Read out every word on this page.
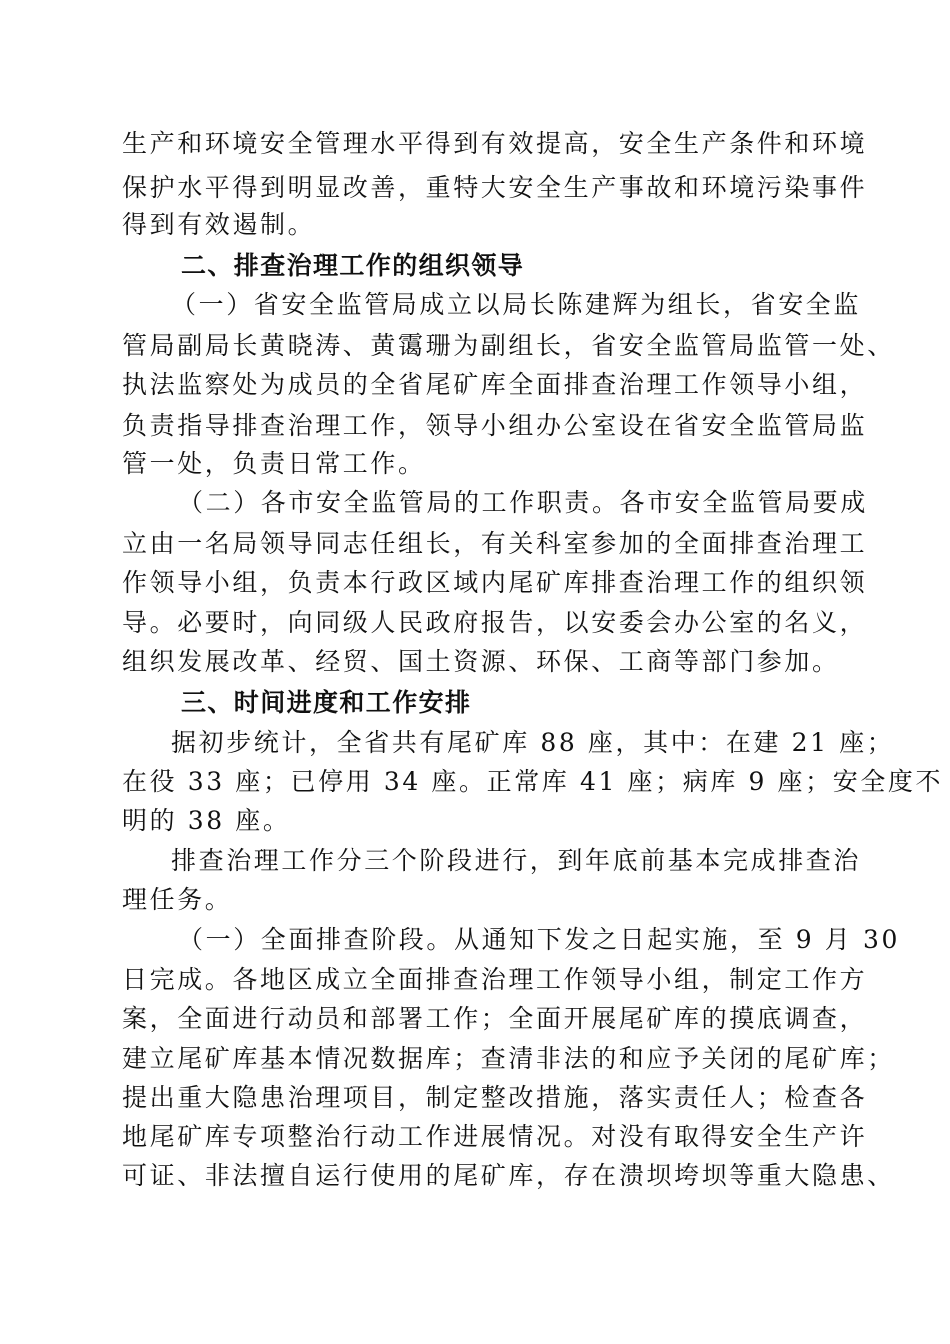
生产和环境安全管理水平得到有效提高，安全生产条件和环境
保护水平得到明显改善，重特大安全生产事故和环境污染事件
得到有效遏制。
二、排查治理工作的组织领导
（一）省安全监管局成立以局长陈建辉为组长，省安全监
管局副局长黄晓涛、黄霭珊为副组长，省安全监管局监管一处、
执法监察处为成员的全省尾矿库全面排查治理工作领导小组，
负责指导排查治理工作，领导小组办公室设在省安全监管局监
管一处，负责日常工作。
（二）各市安全监管局的工作职责。各市安全监管局要成
立由一名局领导同志任组长，有关科室参加的全面排查治理工
作领导小组，负责本行政区域内尾矿库排查治理工作的组织领
导。必要时，向同级人民政府报告，以安委会办公室的名义，
组织发展改革、经贸、国土资源、环保、工商等部门参加。
三、时间进度和工作安排
据初步统计，全省共有尾矿库 88 座，其中：在建 21 座；
在役 33 座；已停用 34 座。正常库 41 座；病库 9 座；安全度不
明的 38 座。
排查治理工作分三个阶段进行，到年底前基本完成排查治
理任务。
（一）全面排查阶段。从通知下发之日起实施，至 9 月 30
日完成。各地区成立全面排查治理工作领导小组，制定工作方
案，全面进行动员和部署工作；全面开展尾矿库的摸底调查，
建立尾矿库基本情况数据库；查清非法的和应予关闭的尾矿库；
提出重大隐患治理项目，制定整改措施，落实责任人；检查各
地尾矿库专项整治行动工作进展情况。对没有取得安全生产许
可证、非法擅自运行使用的尾矿库，存在溃坝垮坝等重大隐患、
